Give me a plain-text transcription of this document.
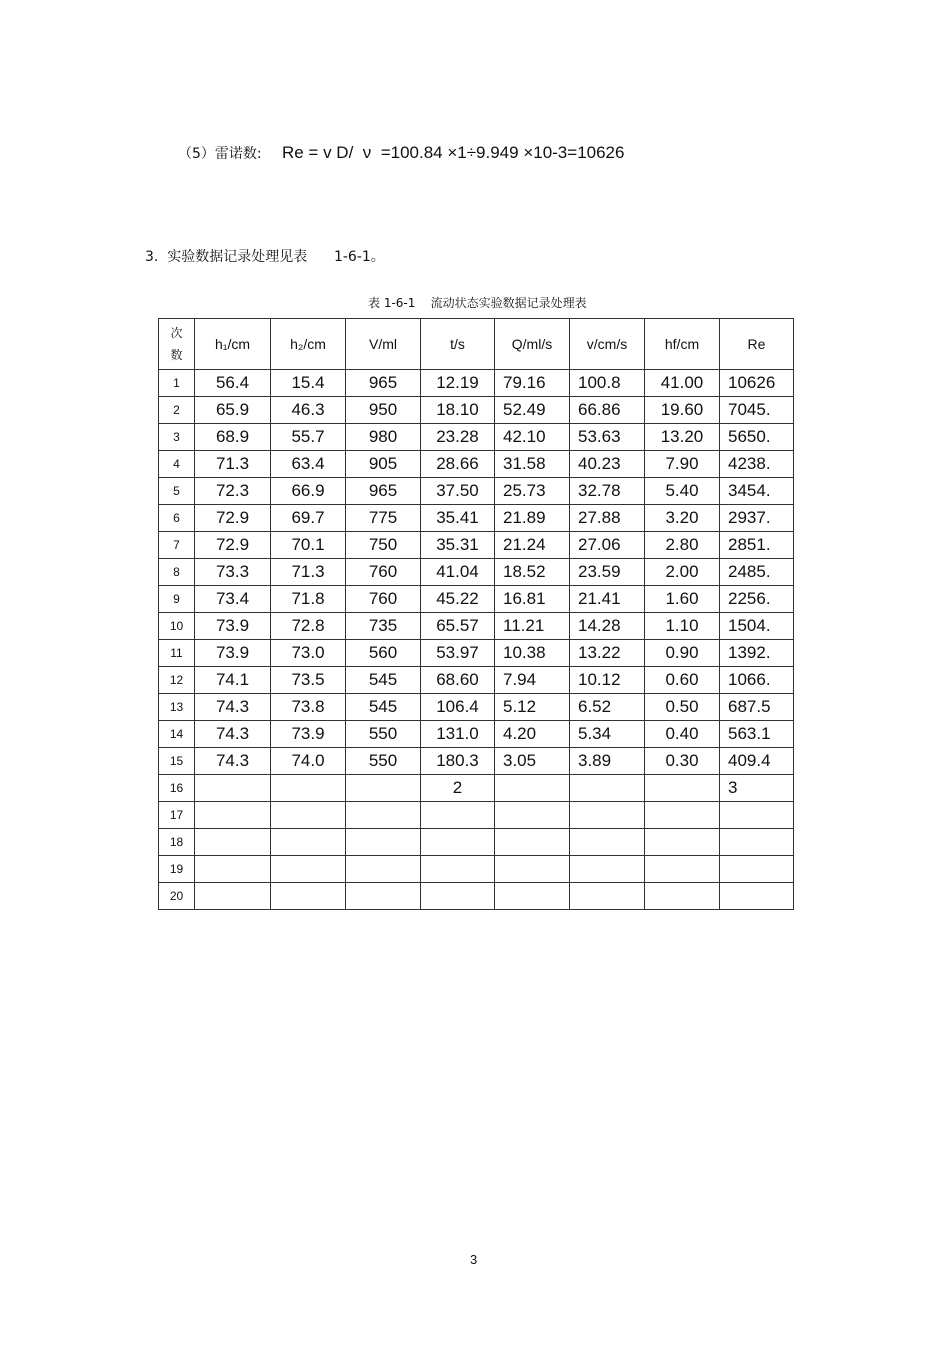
（5）雷诺数: Re = v D/  ν  =100.84 ×1÷9.949 ×10-3=10626
3.  实验数据记录处理见表      1-6-1。
表 1-6-1    流动状态实验数据记录处理表
次
数	h₁/cm	h₂/cm	V/ml	t/s	Q/ml/s	v/cm/s	hf/cm	Re
1	56.4	15.4	965	12.19	79.16	100.8	41.00	10626
2	65.9	46.3	950	18.10	52.49	66.86	19.60	7045.
3	68.9	55.7	980	23.28	42.10	53.63	13.20	5650.
4	71.3	63.4	905	28.66	31.58	40.23	7.90	4238.
5	72.3	66.9	965	37.50	25.73	32.78	5.40	3454.
6	72.9	69.7	775	35.41	21.89	27.88	3.20	2937.
7	72.9	70.1	750	35.31	21.24	27.06	2.80	2851.
8	73.3	71.3	760	41.04	18.52	23.59	2.00	2485.
9	73.4	71.8	760	45.22	16.81	21.41	1.60	2256.
10	73.9	72.8	735	65.57	11.21	14.28	1.10	1504.
11	73.9	73.0	560	53.97	10.38	13.22	0.90	1392.
12	74.1	73.5	545	68.60	7.94	10.12	0.60	1066.
13	74.3	73.8	545	106.4	5.12	6.52	0.50	687.5
14	74.3	73.9	550	131.0	4.20	5.34	0.40	563.1
15	74.3	74.0	550	180.3	3.05	3.89	0.30	409.4
16				2				3
17								
18								
19								
20								
3
